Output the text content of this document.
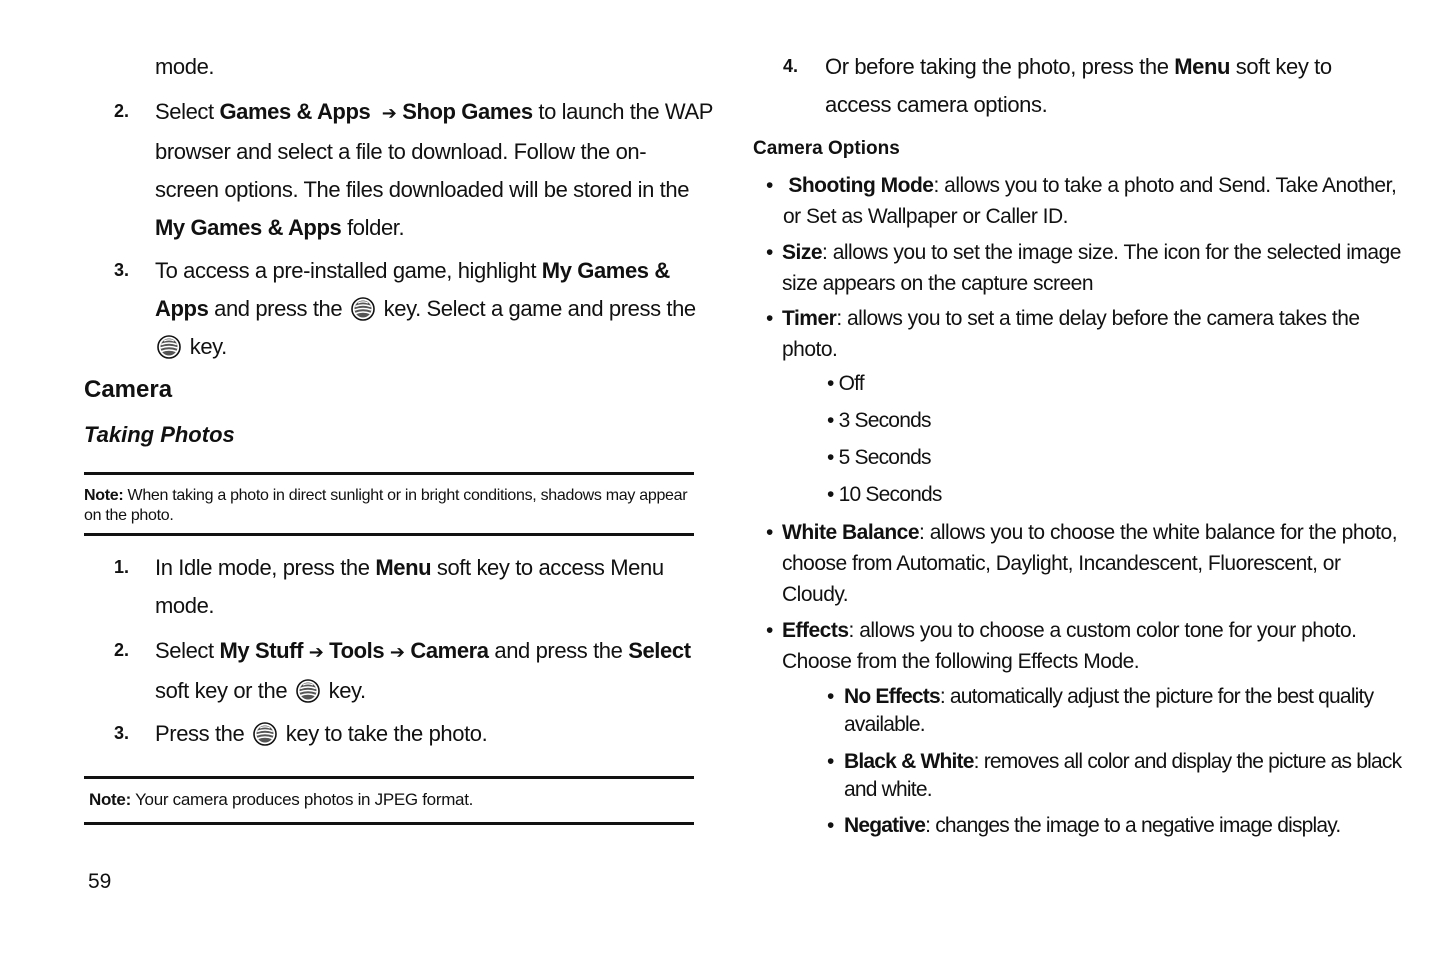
mode.
2. Select Games & Apps ➔ Shop Games to launch the WAP
browser and select a file to download. Follow the on-
screen options. The files downloaded will be stored in the
My Games & Apps folder.
3. To access a pre-installed game, highlight My Games &
Apps and press the key. Select a game and press the
key.
Camera
Taking Photos
Note: When taking a photo in direct sunlight or in bright conditions, shadows may appear on the photo.
1. In Idle mode, press the Menu soft key to access Menu
mode.
2. Select My Stuff ➔ Tools ➔ Camera and press the Select
soft key or the key.
3. Press the key to take the photo.
Note: Your camera produces photos in JPEG format.
59
4. Or before taking the photo, press the Menu soft key to
access camera options.
Camera Options
• Shooting Mode: allows you to take a photo and Send. Take Another,
or Set as Wallpaper or Caller ID.
• Size: allows you to set the image size. The icon for the selected image
size appears on the capture screen
• Timer: allows you to set a time delay before the camera takes the
photo.
• Off
• 3 Seconds
• 5 Seconds
• 10 Seconds
• White Balance: allows you to choose the white balance for the photo,
choose from Automatic, Daylight, Incandescent, Fluorescent, or
Cloudy.
• Effects: allows you to choose a custom color tone for your photo.
Choose from the following Effects Mode.
• No Effects: automatically adjust the picture for the best quality
available.
• Black & White: removes all color and display the picture as black
and white.
• Negative: changes the image to a negative image display.
